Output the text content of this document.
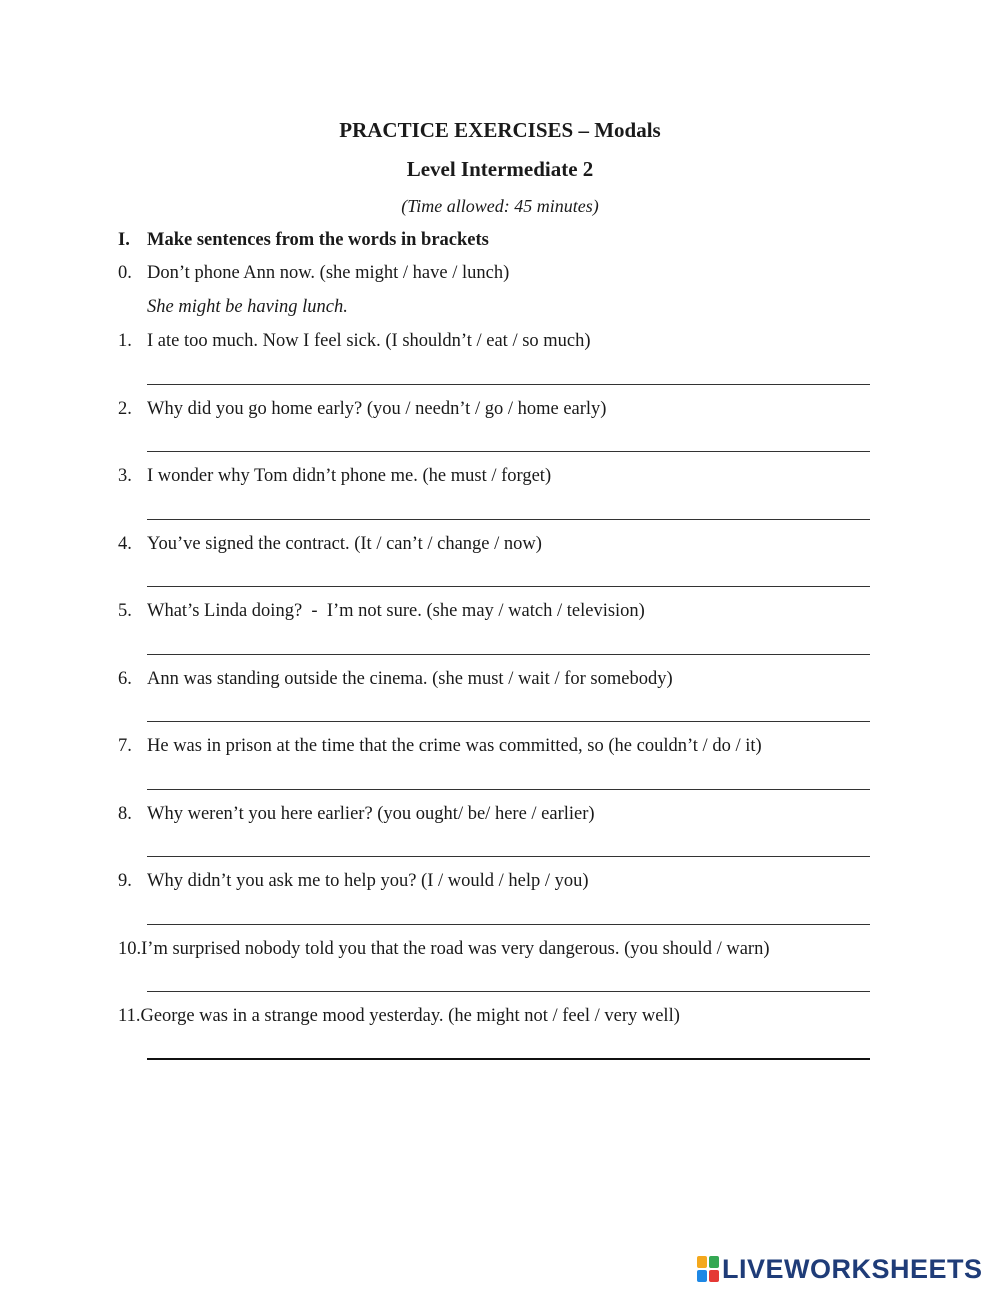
PRACTICE EXERCISES – Modals
Level Intermediate 2
(Time allowed: 45 minutes)
I. Make sentences from the words in brackets
0. Don’t phone Ann now. (she might / have / lunch)
She might be having lunch.
1. I ate too much. Now I feel sick. (I shouldn’t / eat / so much)
2. Why did you go home early? (you / needn’t / go / home early)
3. I wonder why Tom didn’t phone me. (he must / forget)
4. You’ve signed the contract. (It / can’t / change / now)
5. What’s Linda doing?  -  I’m not sure. (she may / watch / television)
6. Ann was standing outside the cinema. (she must / wait / for somebody)
7. He was in prison at the time that the crime was committed, so (he couldn’t / do / it)
8. Why weren’t you here earlier? (you ought/ be/ here / earlier)
9. Why didn’t you ask me to help you? (I / would / help / you)
10.I’m surprised nobody told you that the road was very dangerous. (you should / warn)
11.George was in a strange mood yesterday. (he might not / feel / very well)
LIVEWORKSHEETS
